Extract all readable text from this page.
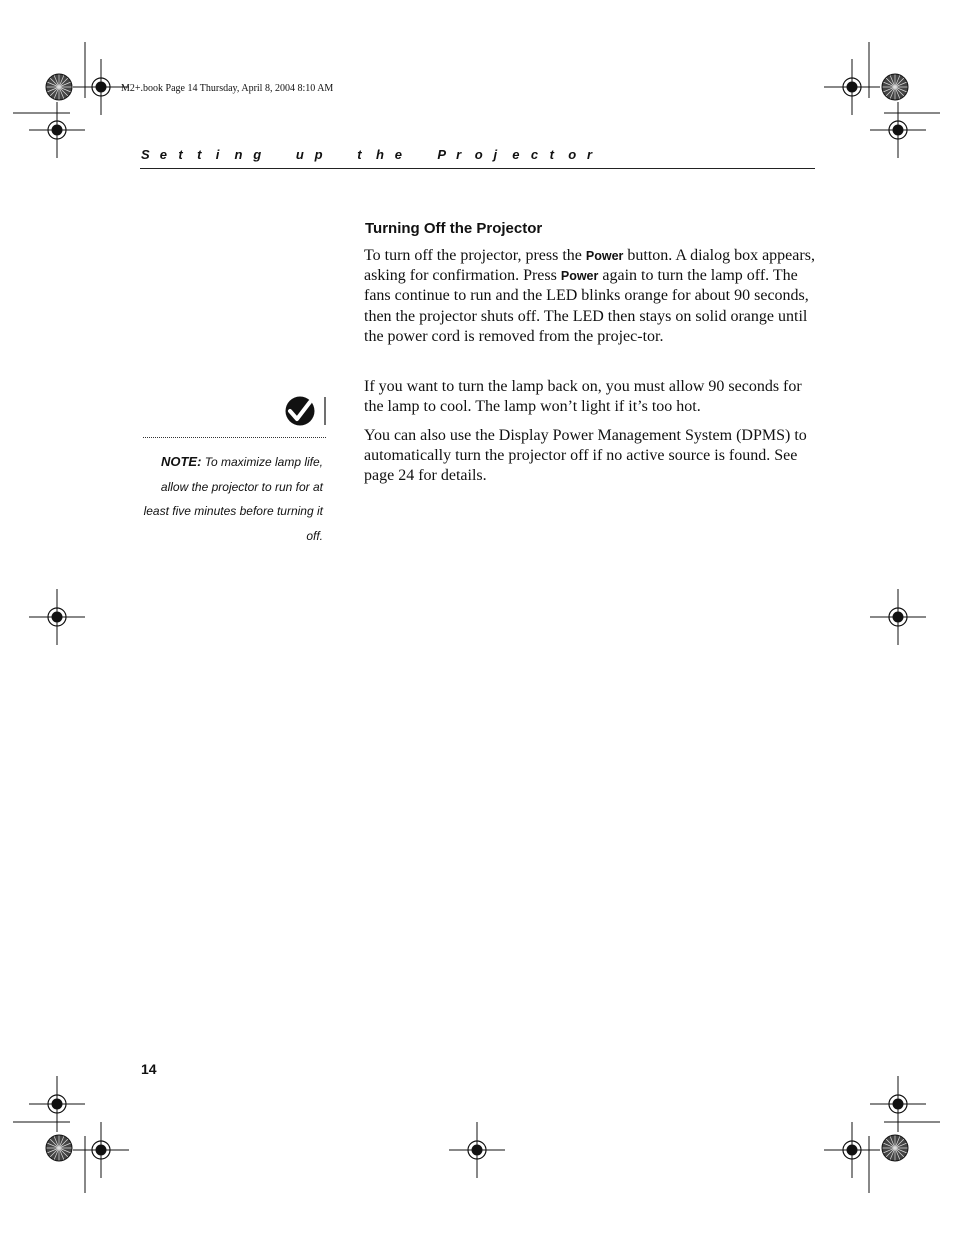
M2+.book Page 14 Thursday, April 8, 2004 8:10 AM
Setting	up	the	Projector
Turning Off the Projector

To turn off the projector, press the Power button. A dialog box appears, asking for confirmation. Press Power again to turn the lamp off. The fans continue to run and the LED blinks orange for about 90 seconds, then the projector shuts off. The LED then stays on solid orange until the power cord is removed from the projec-tor.

If you want to turn the lamp back on, you must allow 90 seconds for the lamp to cool. The lamp won’t light if it’s too hot.

You can also use the Display Power Management System (DPMS) to automatically turn the projector off if no active source is found. See page 24 for details.

NOTE: To maximize lamp life, allow the projector to run for at least five minutes before turning it off.
14
